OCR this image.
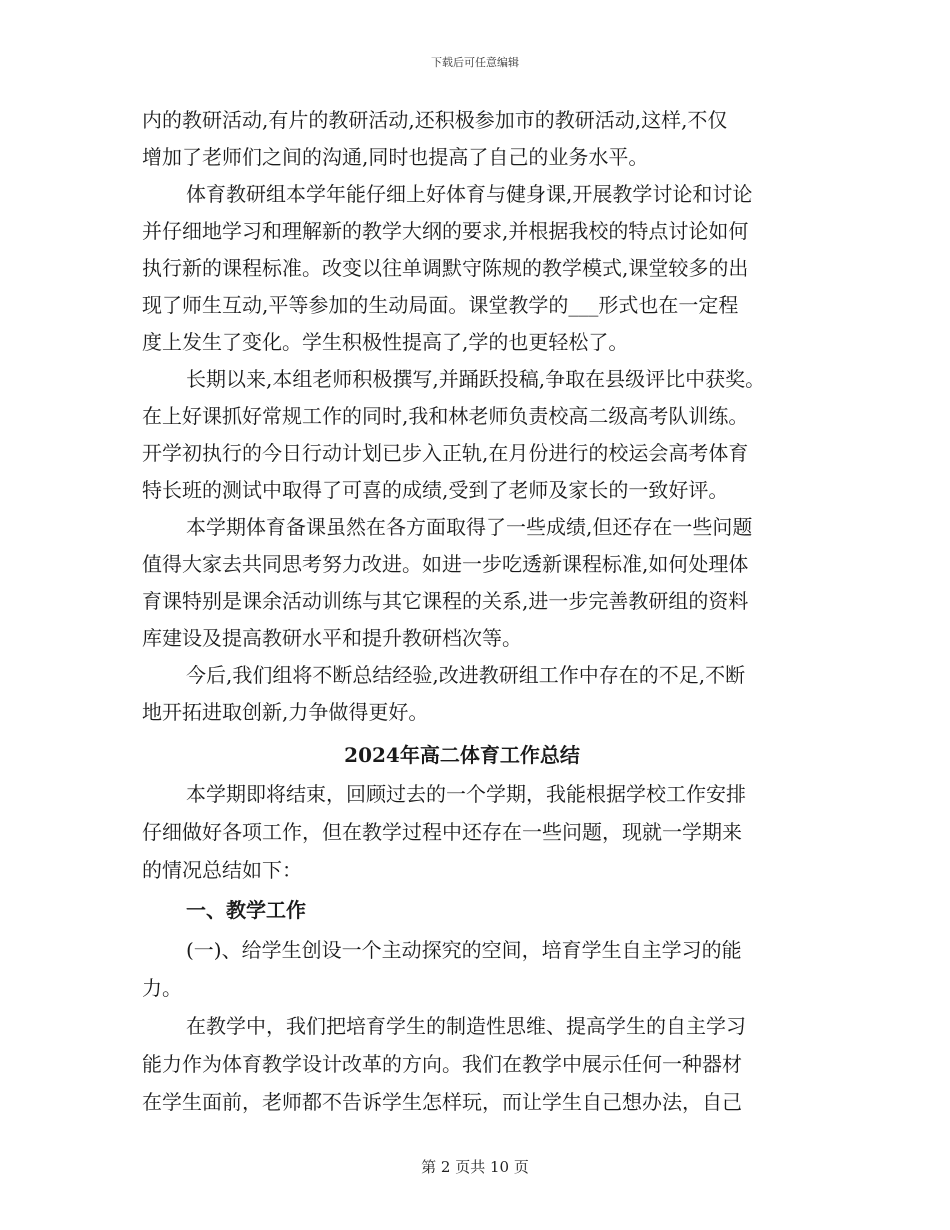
下载后可任意编辑
内的教研活动,有片的教研活动,还积极参加市的教研活动,这样,不仅
增加了老师们之间的沟通,同时也提高了自己的业务水平。
体育教研组本学年能仔细上好体育与健身课,开展教学讨论和讨论
并仔细地学习和理解新的教学大纲的要求,并根据我校的特点讨论如何
执行新的课程标准。改变以往单调默守陈规的教学模式,课堂较多的出
现了师生互动,平等参加的生动局面。课堂教学的___形式也在一定程
度上发生了变化。学生积极性提高了,学的也更轻松了。
长期以来,本组老师积极撰写,并踊跃投稿,争取在县级评比中获奖。
在上好课抓好常规工作的同时,我和林老师负责校高二级高考队训练。
开学初执行的今日行动计划已步入正轨,在月份进行的校运会高考体育
特长班的测试中取得了可喜的成绩,受到了老师及家长的一致好评。
本学期体育备课虽然在各方面取得了一些成绩,但还存在一些问题
值得大家去共同思考努力改进。如进一步吃透新课程标准,如何处理体
育课特别是课余活动训练与其它课程的关系,进一步完善教研组的资料
库建设及提高教研水平和提升教研档次等。
今后,我们组将不断总结经验,改进教研组工作中存在的不足,不断
地开拓进取创新,力争做得更好。
2024年高二体育工作总结
本学期即将结束，回顾过去的一个学期，我能根据学校工作安排
仔细做好各项工作，但在教学过程中还存在一些问题，现就一学期来
的情况总结如下：
一、教学工作
(一)、给学生创设一个主动探究的空间，培育学生自主学习的能
力。
在教学中，我们把培育学生的制造性思维、提高学生的自主学习
能力作为体育教学设计改革的方向。我们在教学中展示任何一种器材
在学生面前，老师都不告诉学生怎样玩，而让学生自己想办法，自己
第 2 页共 10 页
